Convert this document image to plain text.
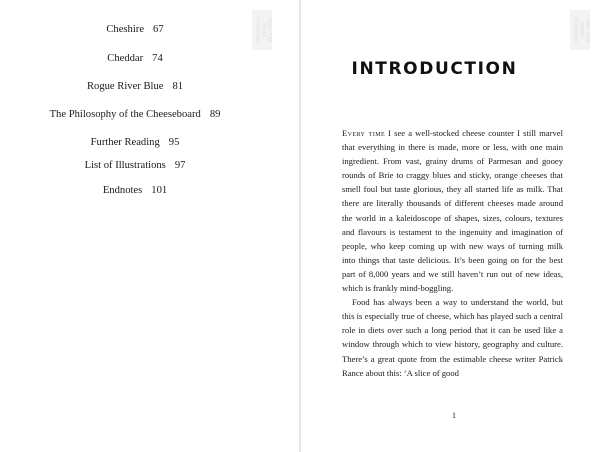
ONLY FOR DEMO PURPOSES
Cheshire 67
Cheddar 74
Rogue River Blue 81
The Philosophy of the Cheeseboard 89
Further Reading 95
List of Illustrations 97
Endnotes 101
ONLY FOR DEMO PURPOSES
INTRODUCTION

Every time I see a well-stocked cheese counter I still marvel that everything in there is made, more or less, with one main ingredient. From vast, grainy drums of Parmesan and gooey rounds of Brie to craggy blues and sticky, orange cheeses that smell foul but taste glorious, they all started life as milk. That there are literally thousands of different cheeses made around the world in a kaleidoscope of shapes, sizes, colours, textures and flavours is testament to the ingenuity and imagination of people, who keep coming up with new ways of turning milk into things that taste delicious. It’s been going on for the best part of 8,000 years and we still haven’t run out of new ideas, which is frankly mind-boggling.

Food has always been a way to understand the world, but this is especially true of cheese, which has played such a central role in diets over such a long period that it can be used like a window through which to view history, geography and culture. There’s a great quote from the estimable cheese writer Patrick Rance about this: ‘A slice of good

1
